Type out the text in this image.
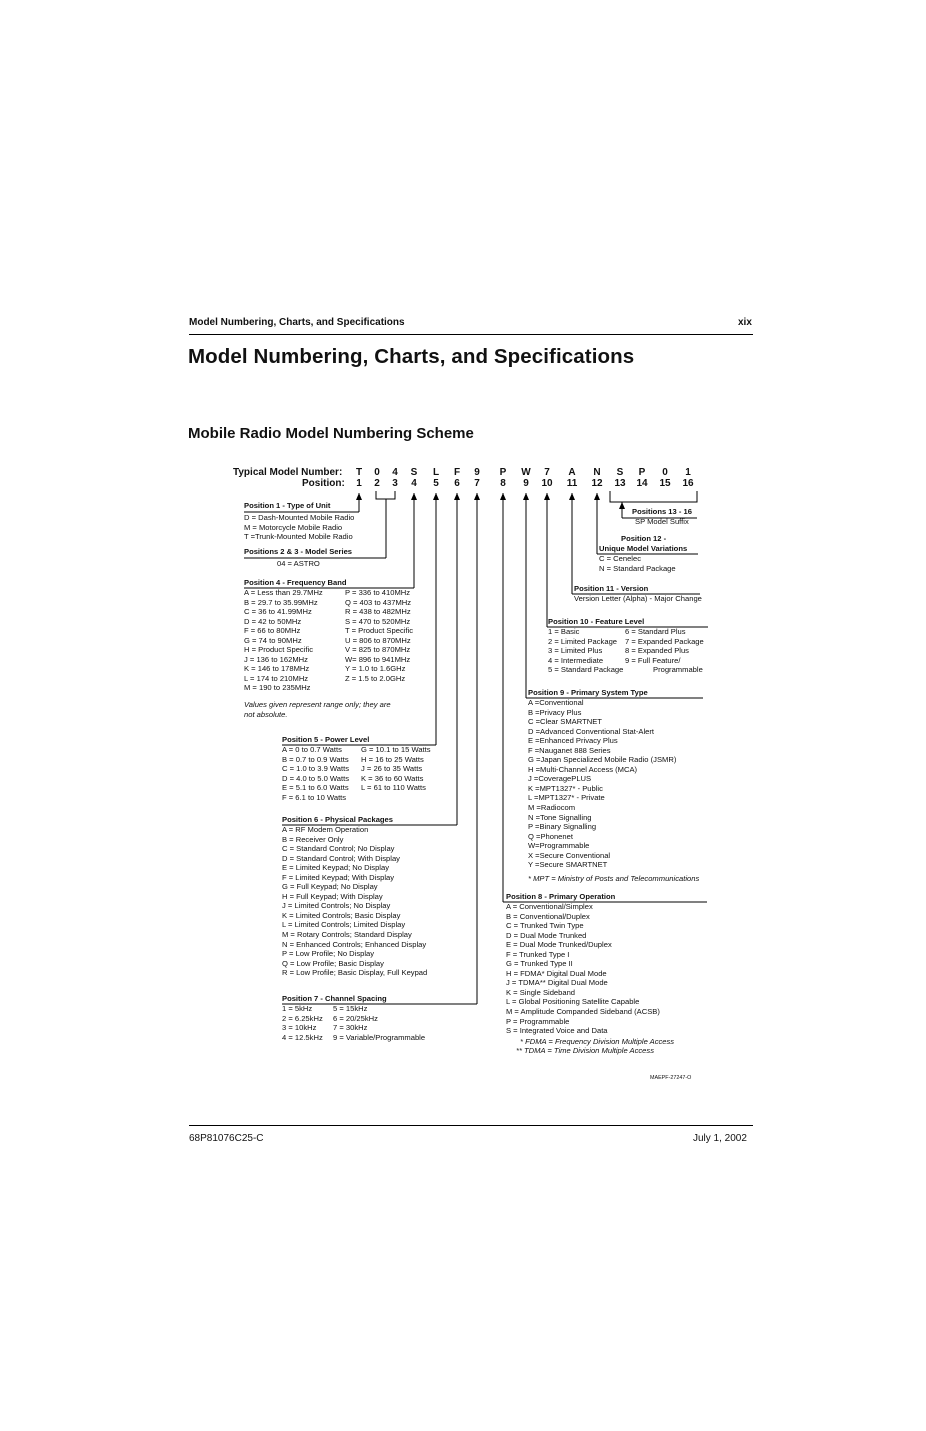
Model Numbering, Charts, and Specifications	xix
Model Numbering, Charts, and Specifications
Mobile Radio Model Numbering Scheme
Typical Model Number:
Position:
T
1
0
2
4
3
S
4
L
5
F
6
9
7
P
8
W
9
7
10
A
11
N
12
S
13
P
14
0
15
1
16
Position 1 - Type of Unit
D = Dash-Mounted Mobile Radio
M = Motorcycle Mobile Radio
T =Trunk-Mounted Mobile Radio
Positions 2 & 3 - Model Series
04 = ASTRO
Position 4 - Frequency Band
A = Less than 29.7MHz
B = 29.7 to 35.99MHz
C = 36 to 41.99MHz
D = 42 to 50MHz
F = 66 to 80MHz
G = 74 to 90MHz
H = Product Specific
J = 136 to 162MHz
K = 146 to 178MHz
L = 174 to 210MHz
M = 190 to 235MHz
P = 336 to 410MHz
Q = 403 to 437MHz
R = 438 to 482MHz
S = 470 to 520MHz
T = Product Specific
U = 806 to 870MHz
V = 825 to 870MHz
W= 896 to 941MHz
Y = 1.0 to 1.6GHz
Z = 1.5 to 2.0GHz
Values given represent range only; they are
not absolute.
Position 5 - Power Level
A = 0 to 0.7 Watts
B = 0.7 to 0.9 Watts
C = 1.0 to 3.9 Watts
D = 4.0 to 5.0 Watts
E = 5.1 to 6.0 Watts
F = 6.1 to 10 Watts
G = 10.1 to 15 Watts
H = 16 to 25 Watts
J = 26 to 35 Watts
K = 36 to 60 Watts
L = 61 to 110 Watts
Position 6 - Physical Packages
A = RF Modem Operation
B = Receiver Only
C = Standard Control; No Display
D = Standard Control; With Display
E = Limited Keypad; No Display
F = Limited Keypad; With Display
G = Full Keypad; No Display
H = Full Keypad; With Display
J = Limited Controls; No Display
K = Limited Controls; Basic Display
L = Limited Controls; Limited Display
M = Rotary Controls; Standard Display
N = Enhanced Controls; Enhanced Display
P = Low Profile; No Display
Q = Low Profile; Basic Display
R = Low Profile; Basic Display, Full Keypad
Position 7 - Channel Spacing
1 = 5kHz
2 = 6.25kHz
3 = 10kHz
4 = 12.5kHz
5 = 15kHz
6 = 20/25kHz
7 = 30kHz
9 = Variable/Programmable
Position 8 - Primary Operation
A = Conventional/Simplex
B = Conventional/Duplex
C = Trunked Twin Type
D = Dual Mode Trunked
E = Dual Mode Trunked/Duplex
F = Trunked Type I
G = Trunked Type II
H = FDMA* Digital Dual Mode
J = TDMA** Digital Dual Mode
K = Single Sideband
L = Global Positioning Satellite Capable
M = Amplitude Companded Sideband (ACSB)
P = Programmable
S = Integrated Voice and Data
* FDMA = Frequency Division Multiple Access
** TDMA = Time Division Multiple Access
Position 9 - Primary System Type
A =Conventional
B =Privacy Plus
C =Clear SMARTNET
D =Advanced Conventional Stat-Alert
E =Enhanced Privacy Plus
F =Nauganet 888 Series
G =Japan Specialized Mobile Radio (JSMR)
H =Multi-Channel Access (MCA)
J =CoveragePLUS
K =MPT1327* - Public
L =MPT1327* - Private
M =Radiocom
N =Tone Signalling
P =Binary Signalling
Q =Phonenet
W=Programmable
X =Secure Conventional
Y =Secure SMARTNET
* MPT = Ministry of Posts and Telecommunications
Position 10 - Feature Level
1 = Basic
2 = Limited Package
3 = Limited Plus
4 = Intermediate
5 = Standard Package
6 = Standard Plus
7 = Expanded Package
8 = Expanded Plus
9 = Full Feature/
Programmable
Position 11 - Version
Version Letter (Alpha) - Major Change
Position 12 -
Unique Model Variations
C = Cenelec
N = Standard Package
Positions 13 - 16
SP Model Suffix
MAEPF-27247-O
68P81076C25-C	July 1, 2002
